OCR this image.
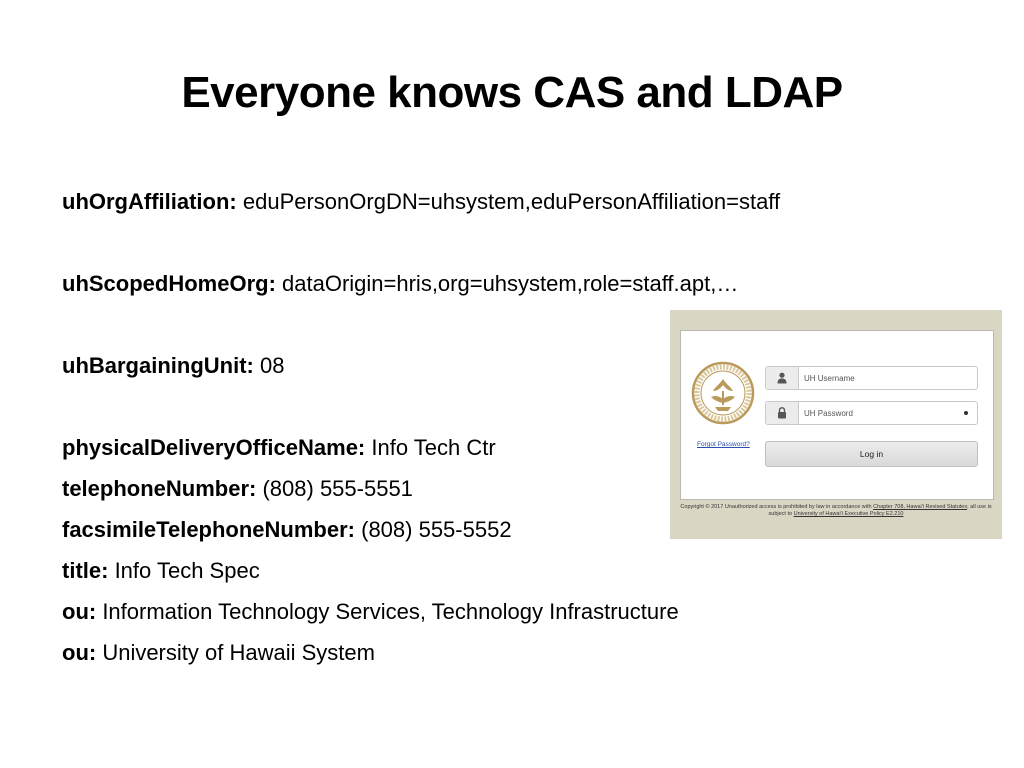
Everyone knows CAS and LDAP
uhOrgAffiliation: eduPersonOrgDN=uhsystem,eduPersonAffiliation=staff
uhScopedHomeOrg: dataOrigin=hris,org=uhsystem,role=staff.apt,…
uhBargainingUnit: 08
physicalDeliveryOfficeName: Info Tech Ctr
telephoneNumber: (808) 555-5551
facsimileTelephoneNumber: (808) 555-5552
title: Info Tech Spec
ou: Information Technology Services, Technology Infrastructure
ou: University of Hawaii System
UH Username
Forgot Password?
Log in
Copyright © 2017 Unauthorized access is prohibited by law in accordance with Chapter 708, Hawai'i Revised Statutes; all use is subject to University of Hawai'i Executive Policy E2.210
